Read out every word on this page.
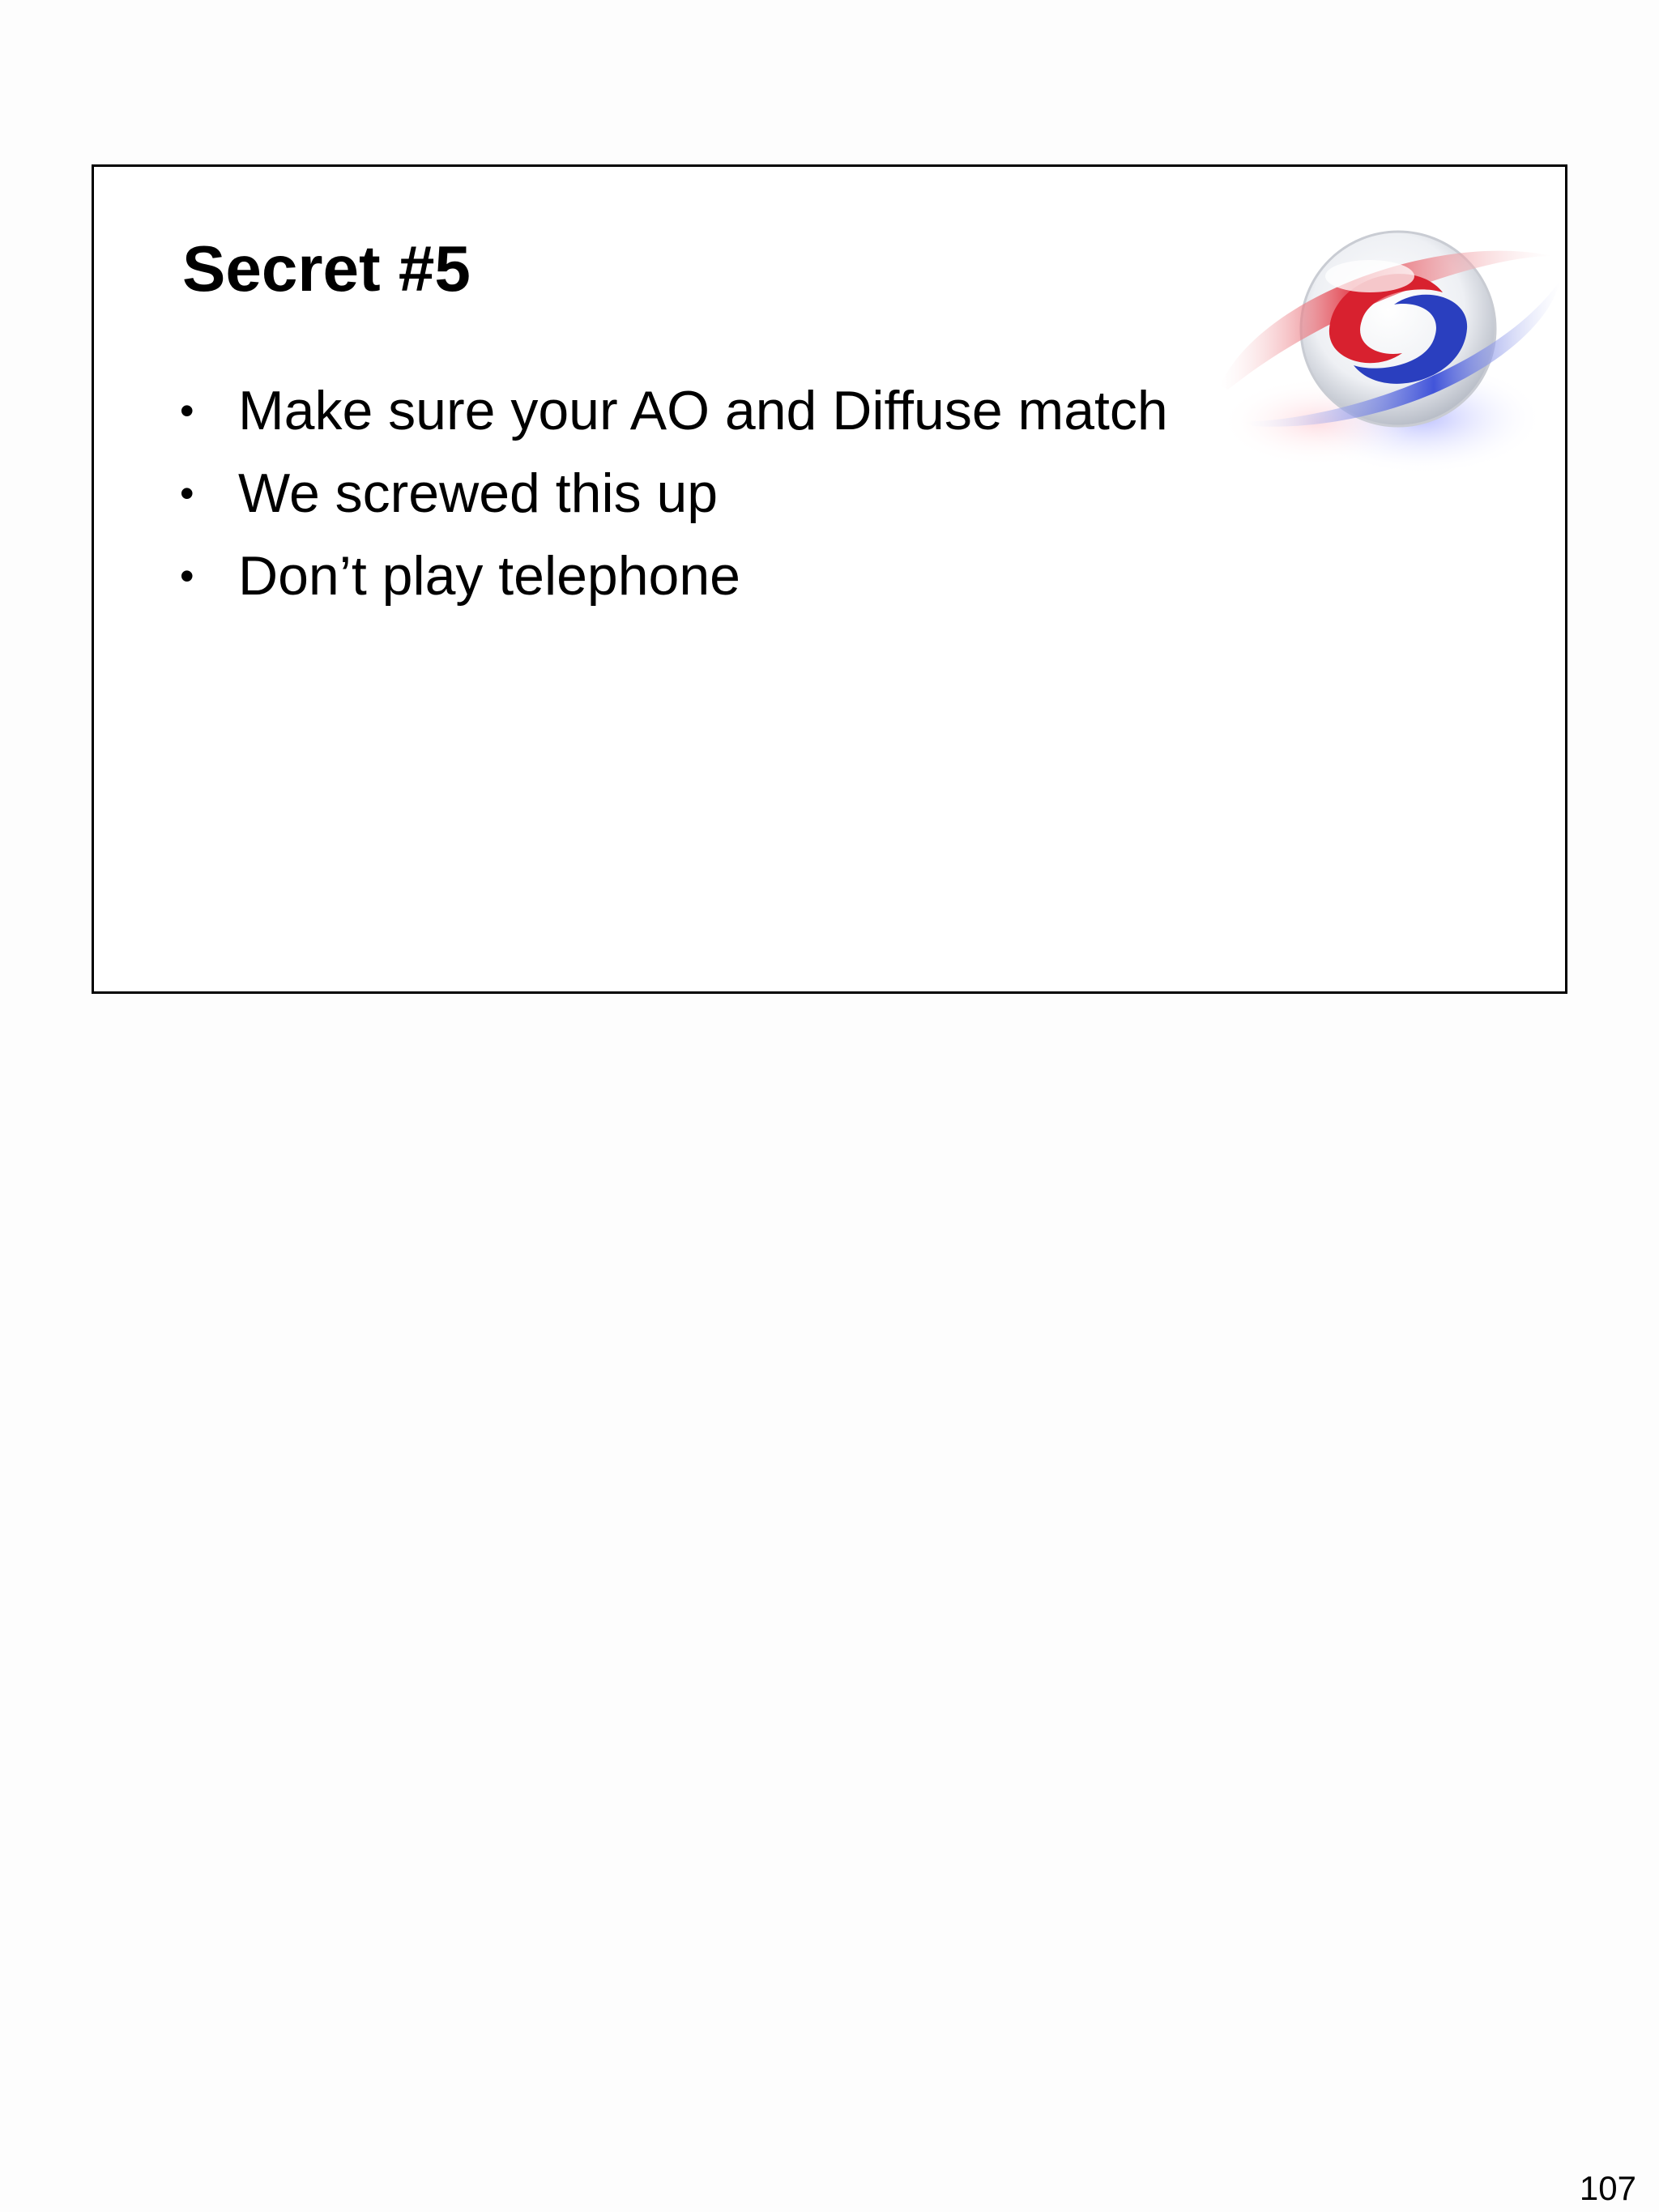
Secret #5
• Make sure your AO and Diffuse match
• We screwed this up
• Don’t play telephone
107
